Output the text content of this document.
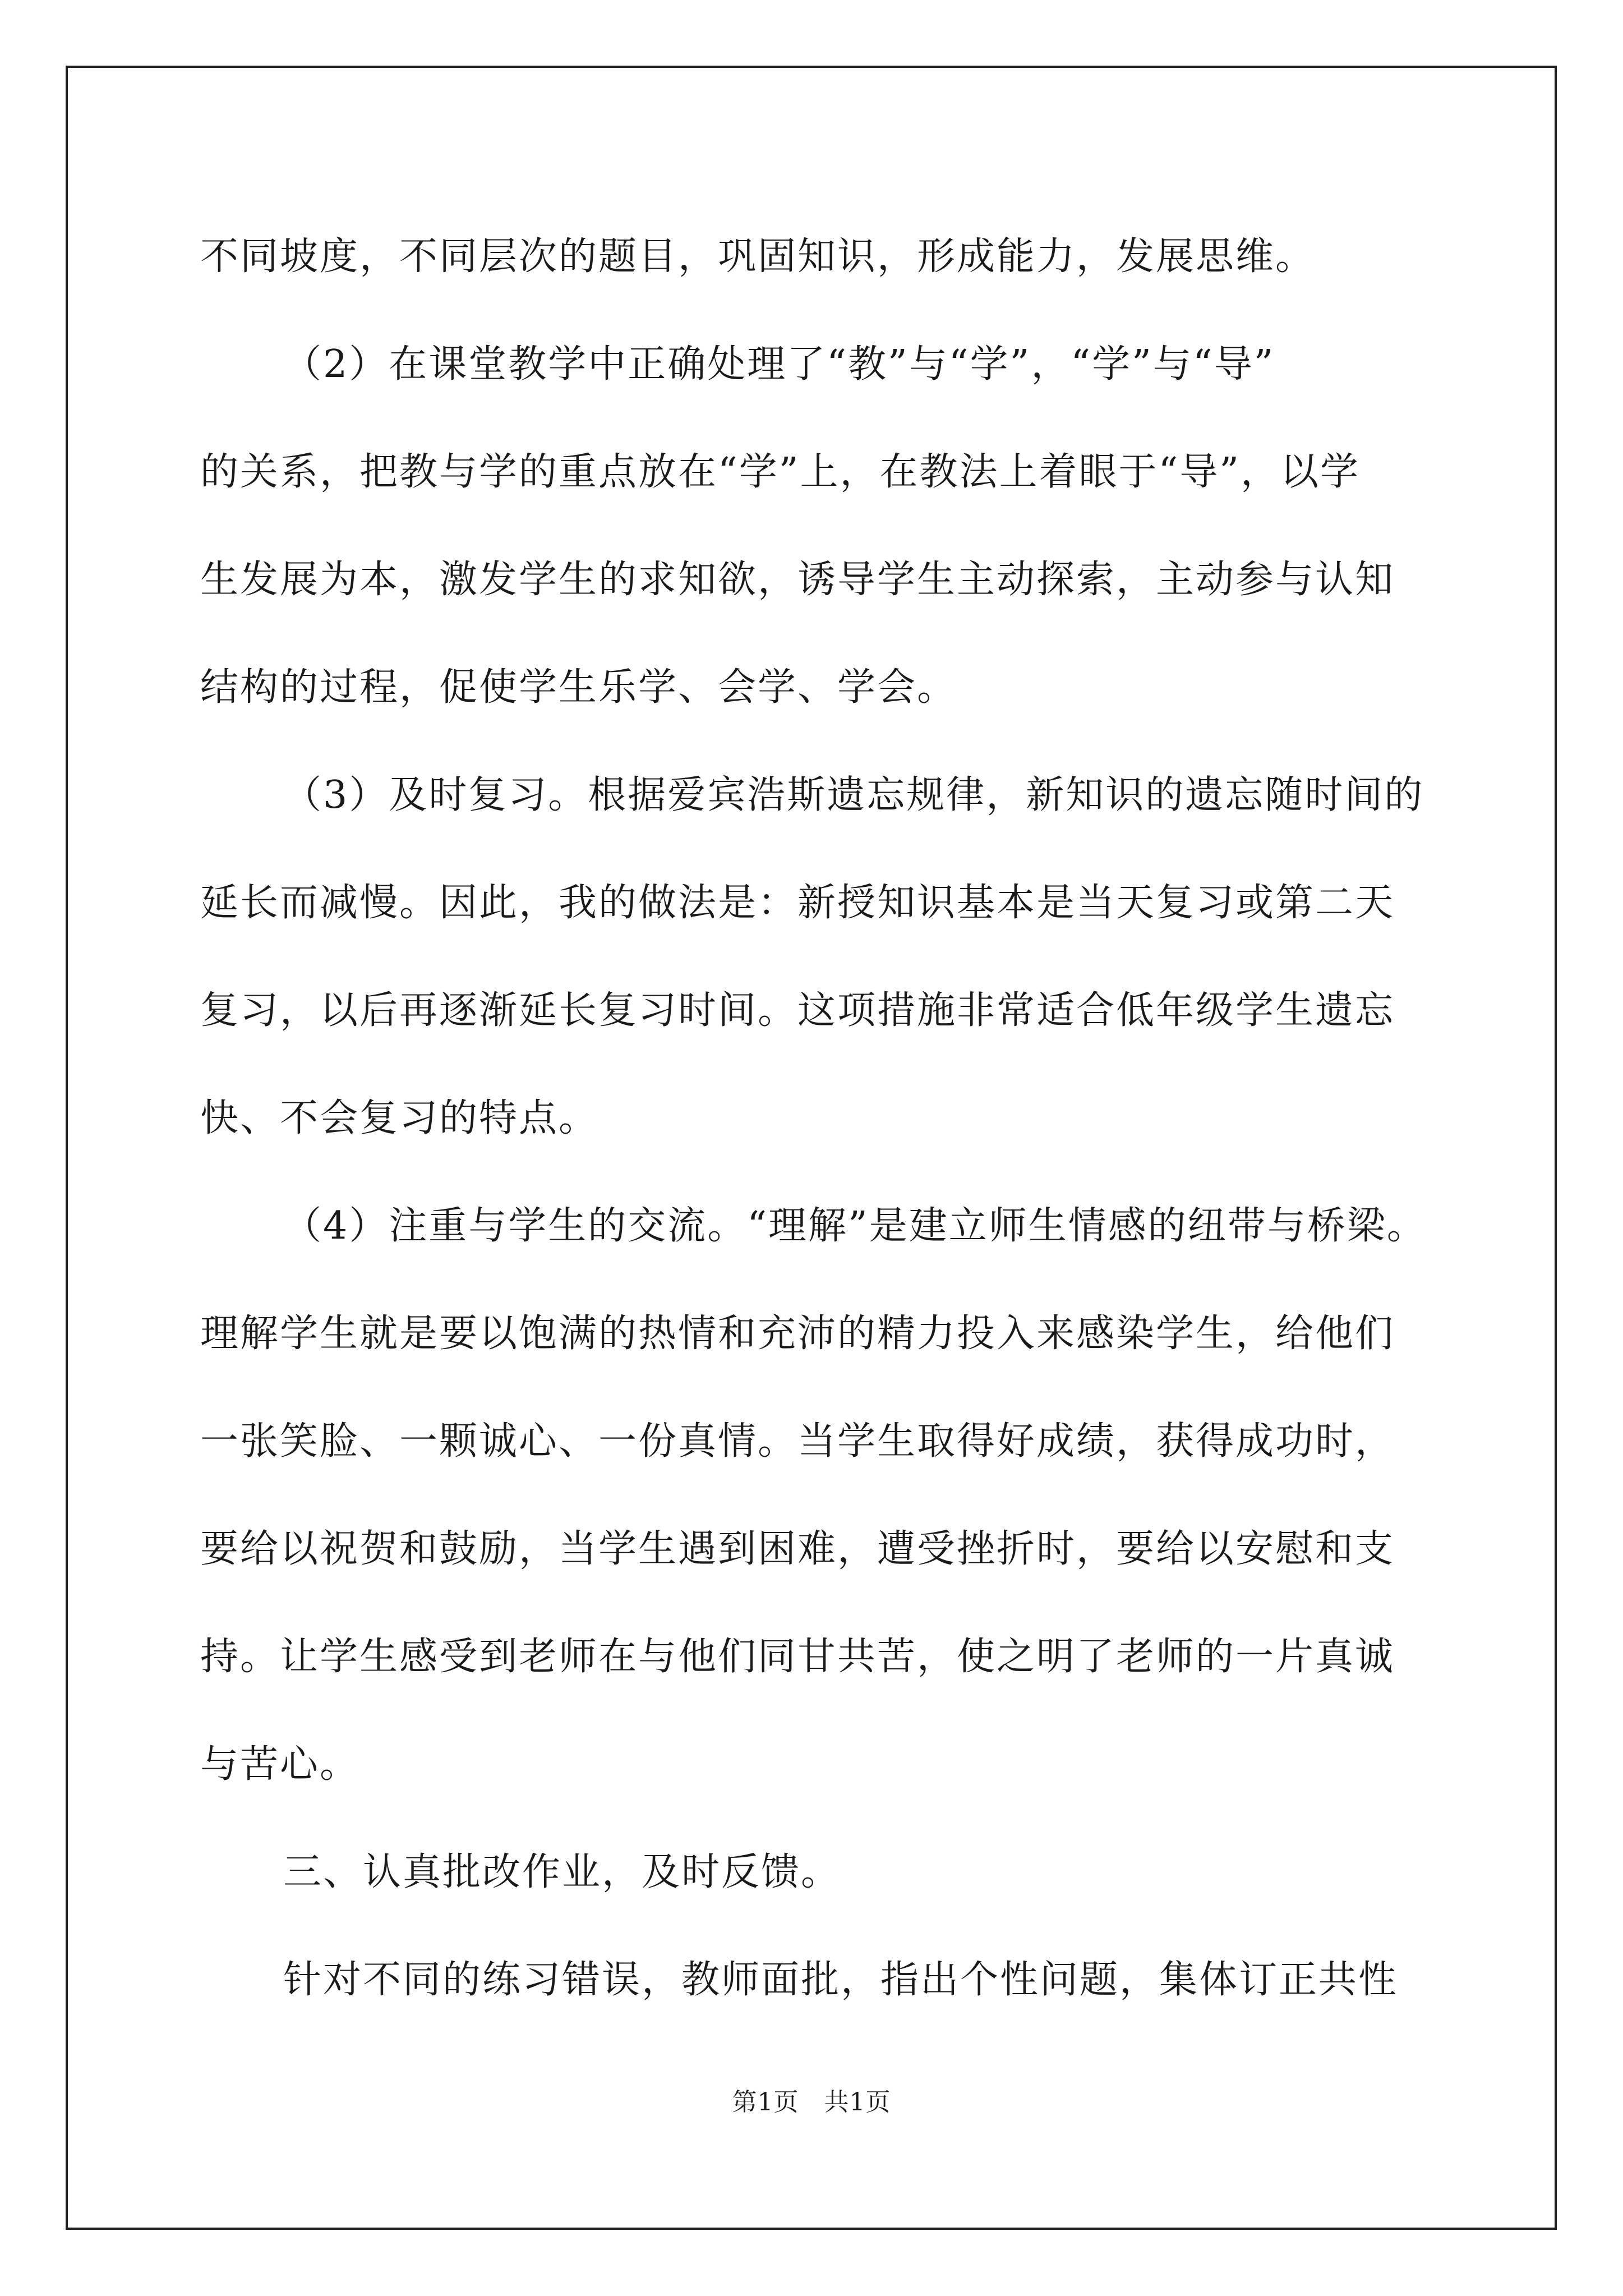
不同坡度，不同层次的题目，巩固知识，形成能力，发展思维。
（2）在课堂教学中正确处理了“教”与“学”，“学”与“导”
的关系，把教与学的重点放在“学”上，在教法上着眼于“导”，以学
生发展为本，激发学生的求知欲，诱导学生主动探索，主动参与认知
结构的过程，促使学生乐学、会学、学会。
（3）及时复习。根据爱宾浩斯遗忘规律，新知识的遗忘随时间的
延长而减慢。因此，我的做法是：新授知识基本是当天复习或第二天
复习，以后再逐渐延长复习时间。这项措施非常适合低年级学生遗忘
快、不会复习的特点。
（4）注重与学生的交流。“理解”是建立师生情感的纽带与桥梁。
理解学生就是要以饱满的热情和充沛的精力投入来感染学生，给他们
一张笑脸、一颗诚心、一份真情。当学生取得好成绩，获得成功时，
要给以祝贺和鼓励，当学生遇到困难，遭受挫折时，要给以安慰和支
持。让学生感受到老师在与他们同甘共苦，使之明了老师的一片真诚
与苦心。
三、认真批改作业，及时反馈。
针对不同的练习错误，教师面批，指出个性问题，集体订正共性
第1页　共1页
